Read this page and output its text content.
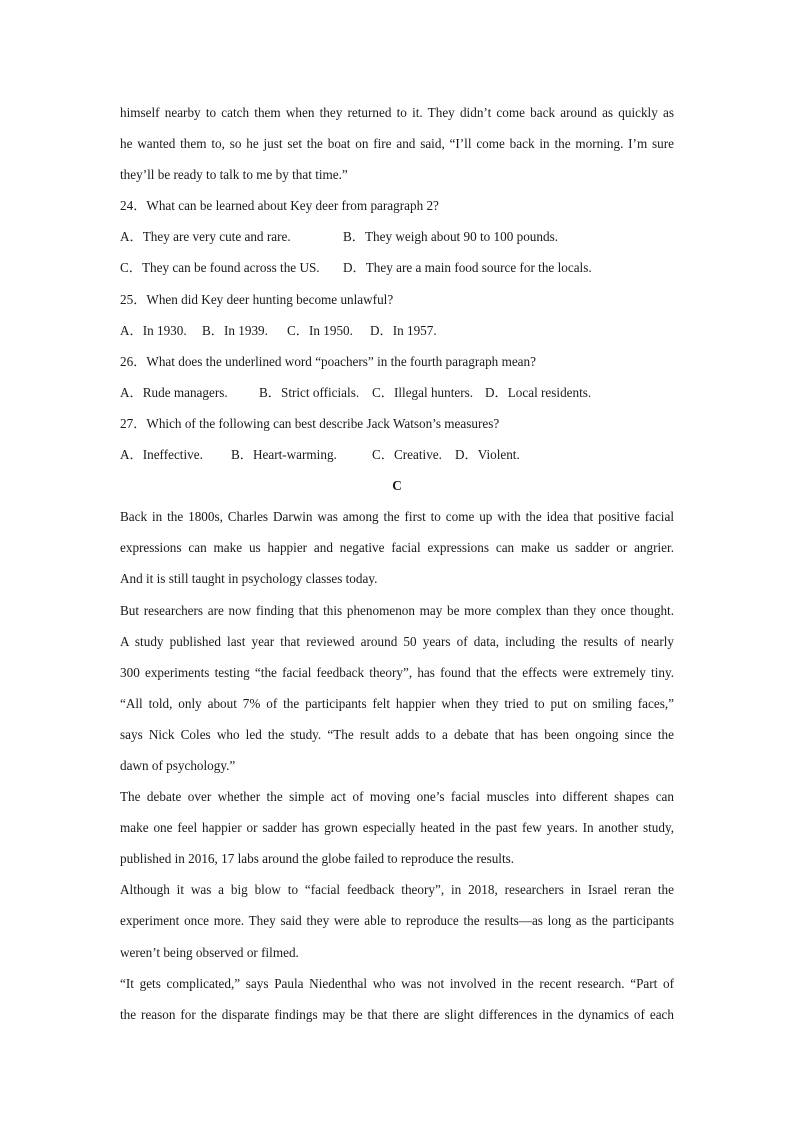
himself nearby to catch them when they returned to it. They didn’t come back around as quickly as
he wanted them to, so he just set the boat on fire and said, “I’ll come back in the morning. I’m sure
they’ll be ready to talk to me by that time.”
24．What can be learned about Key deer from paragraph 2?
A．They are very cute and rare.	B．They weigh about 90 to 100 pounds.
C．They can be found across the US.	D．They are a main food source for the locals.
25．When did Key deer hunting become unlawful?
A．In 1930.	B．In 1939.	C．In 1950.	D．In 1957.
26．What does the underlined word “poachers” in the fourth paragraph mean?
A．Rude managers.	B．Strict officials. C．Illegal hunters. D．Local residents.
27．Which of the following can best describe Jack Watson’s measures?
A．Ineffective.	B．Heart-warming.	C．Creative. D．Violent.
C
Back in the 1800s, Charles Darwin was among the first to come up with the idea that positive facial
expressions can make us happier and negative facial expressions can make us sadder or angrier.
And it is still taught in psychology classes today.
But researchers are now finding that this phenomenon may be more complex than they once thought.
A study published last year that reviewed around 50 years of data, including the results of nearly
300 experiments testing “the facial feedback theory”, has found that the effects were extremely tiny.
“All told, only about 7% of the participants felt happier when they tried to put on smiling faces,”
says Nick Coles who led the study. “The result adds to a debate that has been ongoing since the
dawn of psychology.”
The debate over whether the simple act of moving one’s facial muscles into different shapes can
make one feel happier or sadder has grown especially heated in the past few years. In another study,
published in 2016, 17 labs around the globe failed to reproduce the results.
Although it was a big blow to “facial feedback theory”, in 2018, researchers in Israel reran the
experiment once more. They said they were able to reproduce the results—as long as the participants
weren’t being observed or filmed.
“It gets complicated,” says Paula Niedenthal who was not involved in the recent research. “Part of
the reason for the disparate findings may be that there are slight differences in the dynamics of each
